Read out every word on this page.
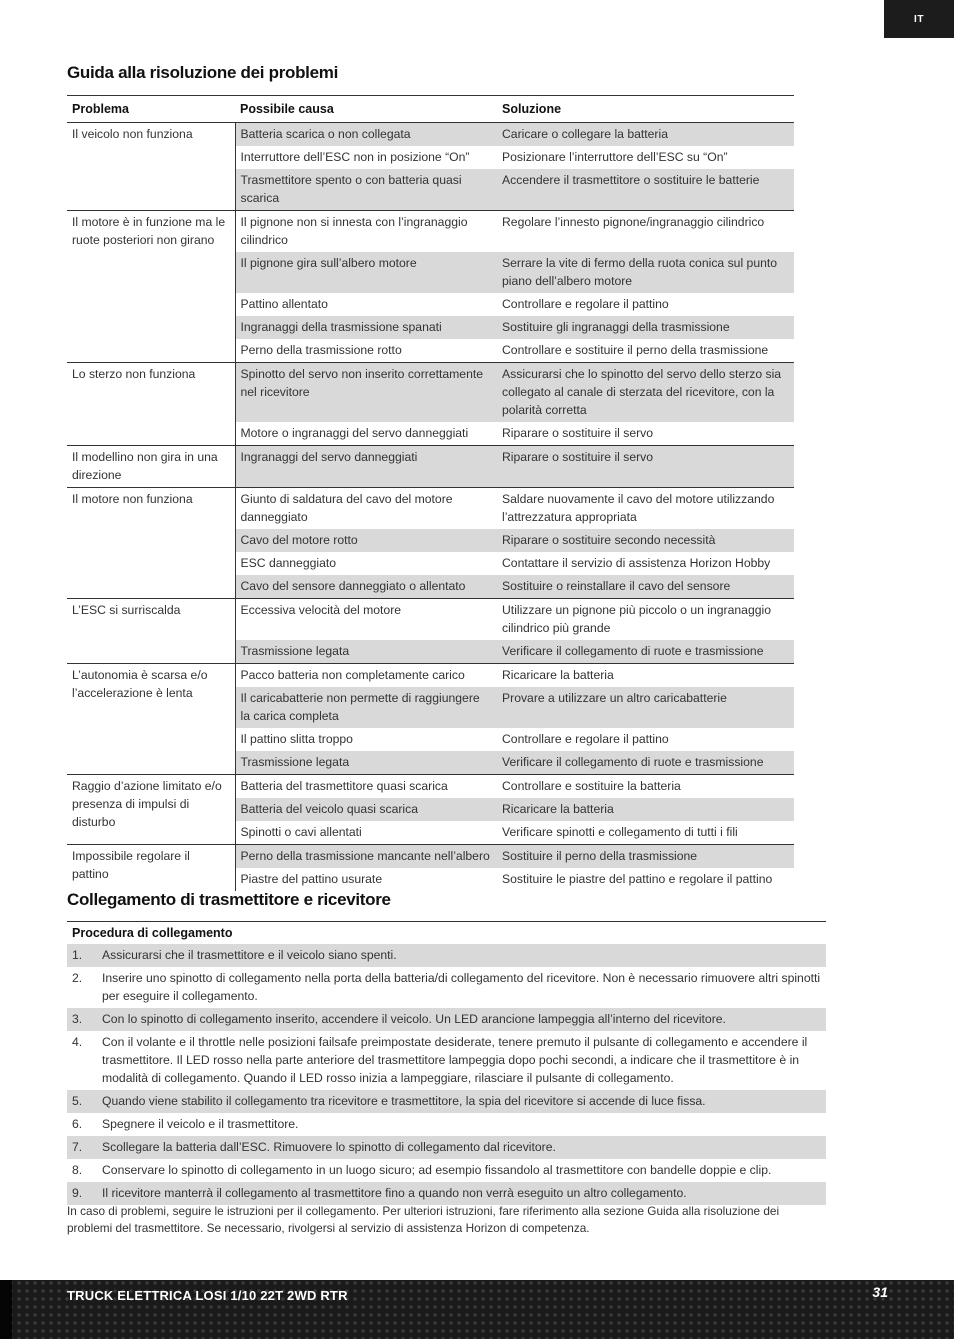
IT
Guida alla risoluzione dei problemi
Problema	Possibile causa	Soluzione
Il veicolo non funziona	Batteria scarica o non collegata	Caricare o collegare la batteria
	Interruttore dell’ESC non in posizione “On”	Posizionare l’interruttore dell’ESC su “On”
	Trasmettitore spento o con batteria quasi scarica	Accendere il trasmettitore o sostituire le batterie
Il motore è in funzione ma le ruote posteriori non girano	Il pignone non si innesta con l’ingranaggio cilindrico	Regolare l’innesto pignone/ingranaggio cilindrico
	Il pignone gira sull’albero motore	Serrare la vite di fermo della ruota conica sul punto piano dell’albero motore
	Pattino allentato	Controllare e regolare il pattino
	Ingranaggi della trasmissione spanati	Sostituire gli ingranaggi della trasmissione
	Perno della trasmissione rotto	Controllare e sostituire il perno della trasmissione
Lo sterzo non funziona	Spinotto del servo non inserito correttamente nel ricevitore	Assicurarsi che lo spinotto del servo dello sterzo sia collegato al canale di sterzata del ricevitore, con la polarità corretta
	Motore o ingranaggi del servo danneggiati	Riparare o sostituire il servo
Il modellino non gira in una direzione	Ingranaggi del servo danneggiati	Riparare o sostituire il servo
Il motore non funziona	Giunto di saldatura del cavo del motore danneggiato	Saldare nuovamente il cavo del motore utilizzando l’attrezzatura appropriata
	Cavo del motore rotto	Riparare o sostituire secondo necessità
	ESC danneggiato	Contattare il servizio di assistenza Horizon Hobby
	Cavo del sensore danneggiato o allentato	Sostituire o reinstallare il cavo del sensore
L’ESC si surriscalda	Eccessiva velocità del motore	Utilizzare un pignone più piccolo o un ingranaggio cilindrico più grande
	Trasmissione legata	Verificare il collegamento di ruote e trasmissione
L’autonomia è scarsa e/o l’accelerazione è lenta	Pacco batteria non completamente carico	Ricaricare la batteria
	Il caricabatterie non permette di raggiungere la carica completa	Provare a utilizzare un altro caricabatterie
	Il pattino slitta troppo	Controllare e regolare il pattino
	Trasmissione legata	Verificare il collegamento di ruote e trasmissione
Raggio d’azione limitato e/o presenza di impulsi di disturbo	Batteria del trasmettitore quasi scarica	Controllare e sostituire la batteria
	Batteria del veicolo quasi scarica	Ricaricare la batteria
	Spinotti o cavi allentati	Verificare spinotti e collegamento di tutti i fili
Impossibile regolare il pattino	Perno della trasmissione mancante nell’albero	Sostituire il perno della trasmissione
	Piastre del pattino usurate	Sostituire le piastre del pattino e regolare il pattino
Collegamento di trasmettitore e ricevitore
Procedura di collegamento	
1.	Assicurarsi che il trasmettitore e il veicolo siano spenti.
2.	Inserire uno spinotto di collegamento nella porta della batteria/di collegamento del ricevitore. Non è necessario rimuovere altri spinotti per eseguire il collegamento.
3.	Con lo spinotto di collegamento inserito, accendere il veicolo. Un LED arancione lampeggia all’interno del ricevitore.
4.	Con il volante e il throttle nelle posizioni failsafe preimpostate desiderate, tenere premuto il pulsante di collegamento e accendere il trasmettitore. Il LED rosso nella parte anteriore del trasmettitore lampeggia dopo pochi secondi, a indicare che il trasmettitore è in modalità di collegamento. Quando il LED rosso inizia a lampeggiare, rilasciare il pulsante di collegamento.
5.	Quando viene stabilito il collegamento tra ricevitore e trasmettitore, la spia del ricevitore si accende di luce fissa.
6.	Spegnere il veicolo e il trasmettitore.
7.	Scollegare la batteria dall’ESC. Rimuovere lo spinotto di collegamento dal ricevitore.
8.	Conservare lo spinotto di collegamento in un luogo sicuro; ad esempio fissandolo al trasmettitore con bandelle doppie e clip.
9.	Il ricevitore manterrà il collegamento al trasmettitore fino a quando non verrà eseguito un altro collegamento.

In caso di problemi, seguire le istruzioni per il collegamento. Per ulteriori istruzioni, fare riferimento alla sezione Guida alla risoluzione dei problemi del trasmettitore. Se necessario, rivolgersi al servizio di assistenza Horizon di competenza.

TRUCK ELETTRICA LOSI 1/10 22T 2WD RTR	31
